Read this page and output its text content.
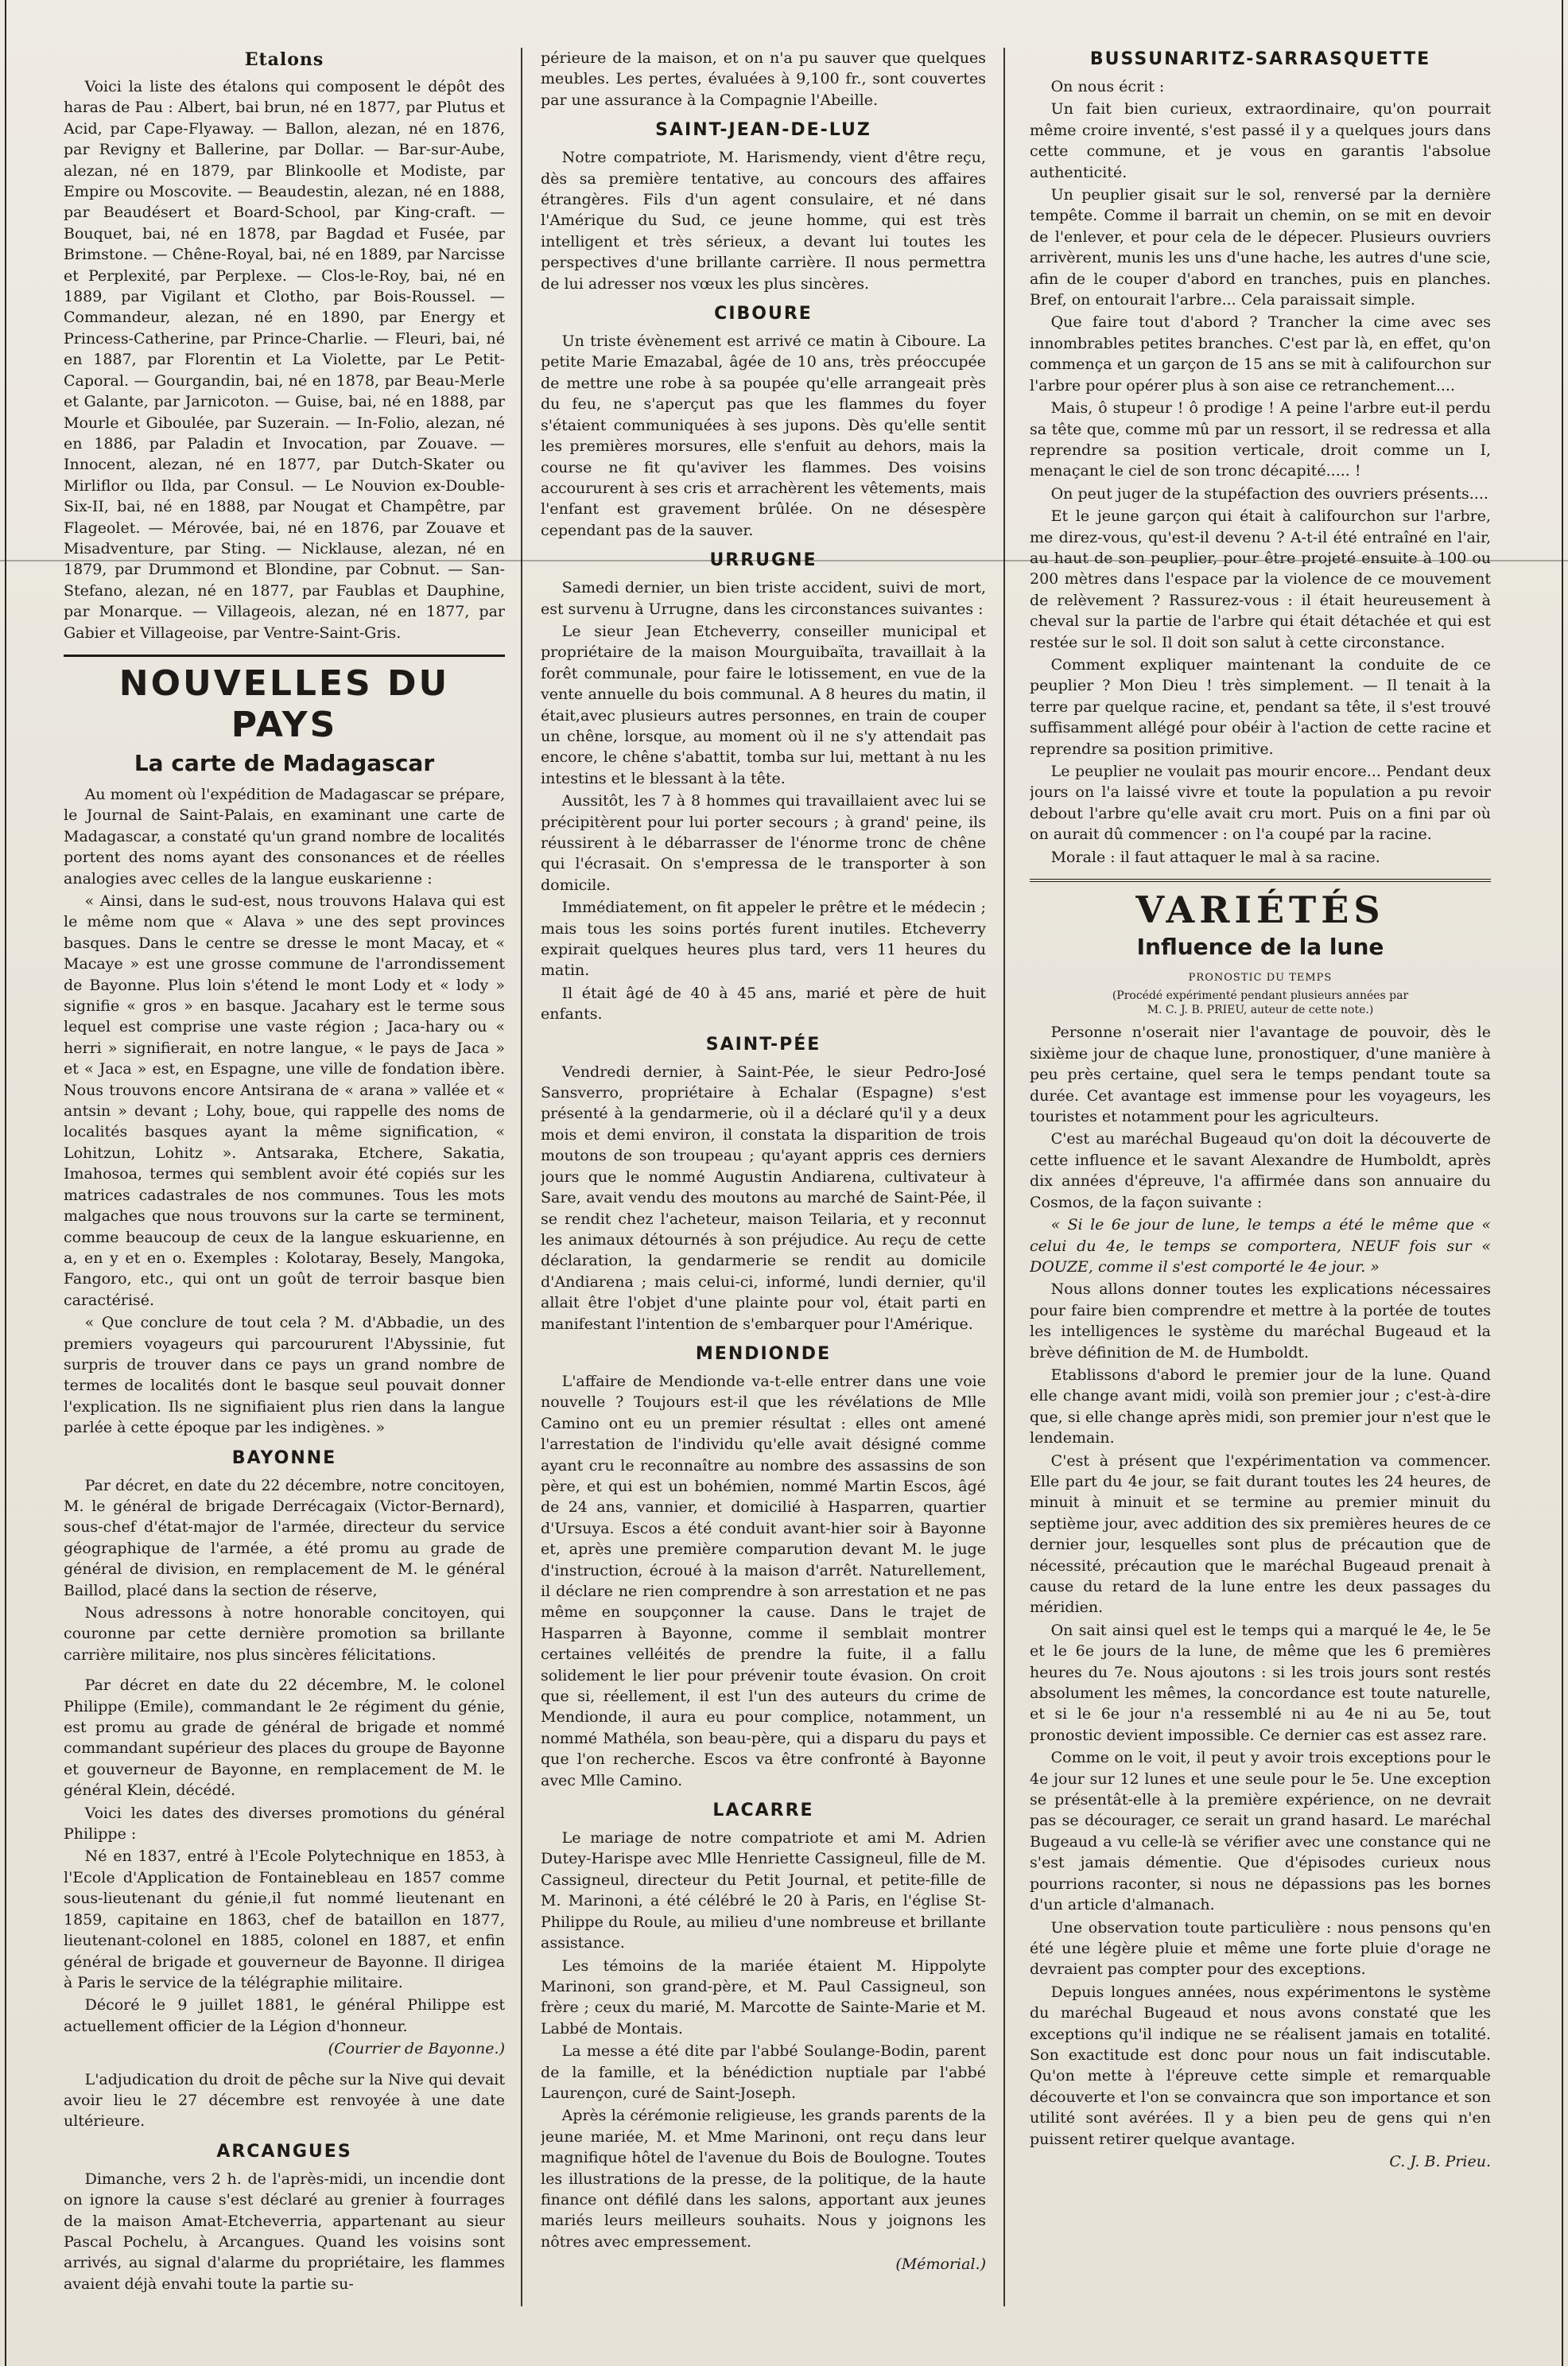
Etalons

Voici la liste des étalons qui composent le dépôt des haras de Pau : Albert, bai brun, né en 1877, par Plutus et Acid, par Cape-Flyaway. — Ballon, alezan, né en 1876, par Revigny et Ballerine, par Dollar. — Bar-sur-Aube, alezan, né en 1879, par Blinkoolle et Modiste, par Empire ou Moscovite. — Beaudestin, alezan, né en 1888, par Beaudésert et Board-School, par King-craft. — Bouquet, bai, né en 1878, par Bagdad et Fusée, par Brimstone. — Chêne-Royal, bai, né en 1889, par Narcisse et Perplexité, par Perplexe. — Clos-le-Roy, bai, né en 1889, par Vigilant et Clotho, par Bois-Roussel. — Commandeur, alezan, né en 1890, par Energy et Princess-Catherine, par Prince-Charlie. — Fleuri, bai, né en 1887, par Florentin et La Violette, par Le Petit-Caporal. — Gourgandin, bai, né en 1878, par Beau-Merle et Galante, par Jarnicoton. — Guise, bai, né en 1888, par Mourle et Giboulée, par Suzerain. — In-Folio, alezan, né en 1886, par Paladin et Invocation, par Zouave. — Innocent, alezan, né en 1877, par Dutch-Skater ou Mirliflor ou Ilda, par Consul. — Le Nouvion ex-Double-Six-II, bai, né en 1888, par Nougat et Champêtre, par Flageolet. — Mérovée, bai, né en 1876, par Zouave et Misadventure, par Sting. — Nicklause, alezan, né en 1879, par Drummond et Blondine, par Cobnut. — San-Stefano, alezan, né en 1877, par Faublas et Dauphine, par Monarque. — Villageois, alezan, né en 1877, par Gabier et Villageoise, par Ventre-Saint-Gris.

NOUVELLES DU PAYS
La carte de Madagascar

Au moment où l'expédition de Madagascar se prépare, le Journal de Saint-Palais, en examinant une carte de Madagascar, a constaté qu'un grand nombre de localités portent des noms ayant des consonances et de réelles analogies avec celles de la langue euskarienne :

« Ainsi, dans le sud-est, nous trouvons Halava qui est le même nom que « Alava » une des sept provinces basques. Dans le centre se dresse le mont Macay, et « Macaye » est une grosse commune de l'arrondissement de Bayonne. Plus loin s'étend le mont Lody et « lody » signifie « gros » en basque. Jacahary est le terme sous lequel est comprise une vaste région ; Jaca-hary ou « herri » signifierait, en notre langue, « le pays de Jaca » et « Jaca » est, en Espagne, une ville de fondation ibère. Nous trouvons encore Antsirana de « arana » vallée et « antsin » devant ; Lohy, boue, qui rappelle des noms de localités basques ayant la même signification, « Lohitzun, Lohitz ». Antsaraka, Etchere, Sakatia, Imahosoa, termes qui semblent avoir été copiés sur les matrices cadastrales de nos communes. Tous les mots malgaches que nous trouvons sur la carte se terminent, comme beaucoup de ceux de la langue eskuarienne, en a, en y et en o. Exemples : Kolotaray, Besely, Mangoka, Fangoro, etc., qui ont un goût de terroir basque bien caractérisé.

« Que conclure de tout cela ? M. d'Abbadie, un des premiers voyageurs qui parcoururent l'Abyssinie, fut surpris de trouver dans ce pays un grand nombre de termes de localités dont le basque seul pouvait donner l'explication. Ils ne signifiaient plus rien dans la langue parlée à cette époque par les indigènes. »

BAYONNE

Par décret, en date du 22 décembre, notre concitoyen, M. le général de brigade Derrécagaix (Victor-Bernard), sous-chef d'état-major de l'armée, directeur du service géographique de l'armée, a été promu au grade de général de division, en remplacement de M. le général Baillod, placé dans la section de réserve,

Nous adressons à notre honorable concitoyen, qui couronne par cette dernière promotion sa brillante carrière militaire, nos plus sincères félicitations.

Par décret en date du 22 décembre, M. le colonel Philippe (Emile), commandant le 2e régiment du génie, est promu au grade de général de brigade et nommé commandant supérieur des places du groupe de Bayonne et gouverneur de Bayonne, en remplacement de M. le général Klein, décédé.

Voici les dates des diverses promotions du général Philippe :

Né en 1837, entré à l'Ecole Polytechnique en 1853, à l'Ecole d'Application de Fontainebleau en 1857 comme sous-lieutenant du génie,il fut nommé lieutenant en 1859, capitaine en 1863, chef de bataillon en 1877, lieutenant-colonel en 1885, colonel en 1887, et enfin général de brigade et gouverneur de Bayonne. Il dirigea à Paris le service de la télégraphie militaire.

Décoré le 9 juillet 1881, le général Philippe est actuellement officier de la Légion d'honneur.

(Courrier de Bayonne.)

L'adjudication du droit de pêche sur la Nive qui devait avoir lieu le 27 décembre est renvoyée à une date ultérieure.

ARCANGUES

Dimanche, vers 2 h. de l'après-midi, un incendie dont on ignore la cause s'est déclaré au grenier à fourrages de la maison Amat-Etcheverria, appartenant au sieur Pascal Pochelu, à Arcangues. Quand les voisins sont arrivés, au signal d'alarme du propriétaire, les flammes avaient déjà envahi toute la partie su-

périeure de la maison, et on n'a pu sauver que quelques meubles. Les pertes, évaluées à 9,100 fr., sont couvertes par une assurance à la Compagnie l'Abeille.

SAINT-JEAN-DE-LUZ

Notre compatriote, M. Harismendy, vient d'être reçu, dès sa première tentative, au concours des affaires étrangères. Fils d'un agent consulaire, et né dans l'Amérique du Sud, ce jeune homme, qui est très intelligent et très sérieux, a devant lui toutes les perspectives d'une brillante carrière. Il nous permettra de lui adresser nos vœux les plus sincères.

CIBOURE

Un triste évènement est arrivé ce matin à Ciboure. La petite Marie Emazabal, âgée de 10 ans, très préoccupée de mettre une robe à sa poupée qu'elle arrangeait près du feu, ne s'aperçut pas que les flammes du foyer s'étaient communiquées à ses jupons. Dès qu'elle sentit les premières morsures, elle s'enfuit au dehors, mais la course ne fit qu'aviver les flammes. Des voisins accoururent à ses cris et arrachèrent les vêtements, mais l'enfant est gravement brûlée. On ne désespère cependant pas de la sauver.

URRUGNE

Samedi dernier, un bien triste accident, suivi de mort, est survenu à Urrugne, dans les circonstances suivantes :

Le sieur Jean Etcheverry, conseiller municipal et propriétaire de la maison Mourguibaïta, travaillait à la forêt communale, pour faire le lotissement, en vue de la vente annuelle du bois communal. A 8 heures du matin, il était,avec plusieurs autres personnes, en train de couper un chêne, lorsque, au moment où il ne s'y attendait pas encore, le chêne s'abattit, tomba sur lui, mettant à nu les intestins et le blessant à la tête.

Aussitôt, les 7 à 8 hommes qui travaillaient avec lui se précipitèrent pour lui porter secours ; à grand' peine, ils réussirent à le débarrasser de l'énorme tronc de chêne qui l'écrasait. On s'empressa de le transporter à son domicile.

Immédiatement, on fit appeler le prêtre et le médecin ; mais tous les soins portés furent inutiles. Etcheverry expirait quelques heures plus tard, vers 11 heures du matin.

Il était âgé de 40 à 45 ans, marié et père de huit enfants.

SAINT-PÉE

Vendredi dernier, à Saint-Pée, le sieur Pedro-José Sansverro, propriétaire à Echalar (Espagne) s'est présenté à la gendarmerie, où il a déclaré qu'il y a deux mois et demi environ, il constata la disparition de trois moutons de son troupeau ; qu'ayant appris ces derniers jours que le nommé Augustin Andiarena, cultivateur à Sare, avait vendu des moutons au marché de Saint-Pée, il se rendit chez l'acheteur, maison Teilaria, et y reconnut les animaux détournés à son préjudice. Au reçu de cette déclaration, la gendarmerie se rendit au domicile d'Andiarena ; mais celui-ci, informé, lundi dernier, qu'il allait être l'objet d'une plainte pour vol, était parti en manifestant l'intention de s'embarquer pour l'Amérique.

MENDIONDE

L'affaire de Mendionde va-t-elle entrer dans une voie nouvelle ? Toujours est-il que les révélations de Mlle Camino ont eu un premier résultat : elles ont amené l'arrestation de l'individu qu'elle avait désigné comme ayant cru le reconnaître au nombre des assassins de son père, et qui est un bohémien, nommé Martin Escos, âgé de 24 ans, vannier, et domicilié à Hasparren, quartier d'Ursuya. Escos a été conduit avant-hier soir à Bayonne et, après une première comparution devant M. le juge d'instruction, écroué à la maison d'arrêt. Naturellement, il déclare ne rien comprendre à son arrestation et ne pas même en soupçonner la cause. Dans le trajet de Hasparren à Bayonne, comme il semblait montrer certaines velléités de prendre la fuite, il a fallu solidement le lier pour prévenir toute évasion. On croit que si, réellement, il est l'un des auteurs du crime de Mendionde, il aura eu pour complice, notamment, un nommé Mathéla, son beau-père, qui a disparu du pays et que l'on recherche. Escos va être confronté à Bayonne avec Mlle Camino.

LACARRE

Le mariage de notre compatriote et ami M. Adrien Dutey-Harispe avec Mlle Henriette Cassigneul, fille de M. Cassigneul, directeur du Petit Journal, et petite-fille de M. Marinoni, a été célébré le 20 à Paris, en l'église St-Philippe du Roule, au milieu d'une nombreuse et brillante assistance.

Les témoins de la mariée étaient M. Hippolyte Marinoni, son grand-père, et M. Paul Cassigneul, son frère ; ceux du marié, M. Marcotte de Sainte-Marie et M. Labbé de Montais.

La messe a été dite par l'abbé Soulange-Bodin, parent de la famille, et la bénédiction nuptiale par l'abbé Laurençon, curé de Saint-Joseph.

Après la cérémonie religieuse, les grands parents de la jeune mariée, M. et Mme Marinoni, ont reçu dans leur magnifique hôtel de l'avenue du Bois de Boulogne. Toutes les illustrations de la presse, de la politique, de la haute finance ont défilé dans les salons, apportant aux jeunes mariés leurs meilleurs souhaits. Nous y joignons les nôtres avec empressement.

(Mémorial.)

BUSSUNARITZ-SARRASQUETTE

On nous écrit :

Un fait bien curieux, extraordinaire, qu'on pourrait même croire inventé, s'est passé il y a quelques jours dans cette commune, et je vous en garantis l'absolue authenticité.

Un peuplier gisait sur le sol, renversé par la dernière tempête. Comme il barrait un chemin, on se mit en devoir de l'enlever, et pour cela de le dépecer. Plusieurs ouvriers arrivèrent, munis les uns d'une hache, les autres d'une scie, afin de le couper d'abord en tranches, puis en planches. Bref, on entourait l'arbre... Cela paraissait simple.

Que faire tout d'abord ? Trancher la cime avec ses innombrables petites branches. C'est par là, en effet, qu'on commença et un garçon de 15 ans se mit à califourchon sur l'arbre pour opérer plus à son aise ce retranchement....

Mais, ô stupeur ! ô prodige ! A peine l'arbre eut-il perdu sa tête que, comme mû par un ressort, il se redressa et alla reprendre sa position verticale, droit comme un I, menaçant le ciel de son tronc décapité..... !

On peut juger de la stupéfaction des ouvriers présents....

Et le jeune garçon qui était à califourchon sur l'arbre, me direz-vous, qu'est-il devenu ? A-t-il été entraîné en l'air, au haut de son peuplier, pour être projeté ensuite à 100 ou 200 mètres dans l'espace par la violence de ce mouvement de relèvement ? Rassurez-vous : il était heureusement à cheval sur la partie de l'arbre qui était détachée et qui est restée sur le sol. Il doit son salut à cette circonstance.

Comment expliquer maintenant la conduite de ce peuplier ? Mon Dieu ! très simplement. — Il tenait à la terre par quelque racine, et, pendant sa tête, il s'est trouvé suffisamment allégé pour obéir à l'action de cette racine et reprendre sa position primitive.

Le peuplier ne voulait pas mourir encore... Pendant deux jours on l'a laissé vivre et toute la population a pu revoir debout l'arbre qu'elle avait cru mort. Puis on a fini par où on aurait dû commencer : on l'a coupé par la racine.

Morale : il faut attaquer le mal à sa racine.

VARIÉTÉS
Influence de la lune

PRONOSTIC DU TEMPS

(Procédé expérimenté pendant plusieurs années par

M. C. J. B. PRIEU, auteur de cette note.)

Personne n'oserait nier l'avantage de pouvoir, dès le sixième jour de chaque lune, pronostiquer, d'une manière à peu près certaine, quel sera le temps pendant toute sa durée. Cet avantage est immense pour les voyageurs, les touristes et notamment pour les agriculteurs.

C'est au maréchal Bugeaud qu'on doit la découverte de cette influence et le savant Alexandre de Humboldt, après dix années d'épreuve, l'a affirmée dans son annuaire du Cosmos, de la façon suivante :

« Si le 6e jour de lune, le temps a été le même que « celui du 4e, le temps se comportera, NEUF fois sur « DOUZE, comme il s'est comporté le 4e jour. »

Nous allons donner toutes les explications nécessaires pour faire bien comprendre et mettre à la portée de toutes les intelligences le système du maréchal Bugeaud et la brève définition de M. de Humboldt.

Etablissons d'abord le premier jour de la lune. Quand elle change avant midi, voilà son premier jour ; c'est-à-dire que, si elle change après midi, son premier jour n'est que le lendemain.

C'est à présent que l'expérimentation va commencer. Elle part du 4e jour, se fait durant toutes les 24 heures, de minuit à minuit et se termine au premier minuit du septième jour, avec addition des six premières heures de ce dernier jour, lesquelles sont plus de précaution que de nécessité, précaution que le maréchal Bugeaud prenait à cause du retard de la lune entre les deux passages du méridien.

On sait ainsi quel est le temps qui a marqué le 4e, le 5e et le 6e jours de la lune, de même que les 6 premières heures du 7e. Nous ajoutons : si les trois jours sont restés absolument les mêmes, la concordance est toute naturelle, et si le 6e jour n'a ressemblé ni au 4e ni au 5e, tout pronostic devient impossible. Ce dernier cas est assez rare.

Comme on le voit, il peut y avoir trois exceptions pour le 4e jour sur 12 lunes et une seule pour le 5e. Une exception se présentât-elle à la première expérience, on ne devrait pas se décourager, ce serait un grand hasard. Le maréchal Bugeaud a vu celle-là se vérifier avec une constance qui ne s'est jamais démentie. Que d'épisodes curieux nous pourrions raconter, si nous ne dépassions pas les bornes d'un article d'almanach.

Une observation toute particulière : nous pensons qu'en été une légère pluie et même une forte pluie d'orage ne devraient pas compter pour des exceptions.

Depuis longues années, nous expérimentons le système du maréchal Bugeaud et nous avons constaté que les exceptions qu'il indique ne se réalisent jamais en totalité. Son exactitude est donc pour nous un fait indiscutable. Qu'on mette à l'épreuve cette simple et remarquable découverte et l'on se convaincra que son importance et son utilité sont avérées. Il y a bien peu de gens qui n'en puissent retirer quelque avantage.

C. J. B. Prieu.
